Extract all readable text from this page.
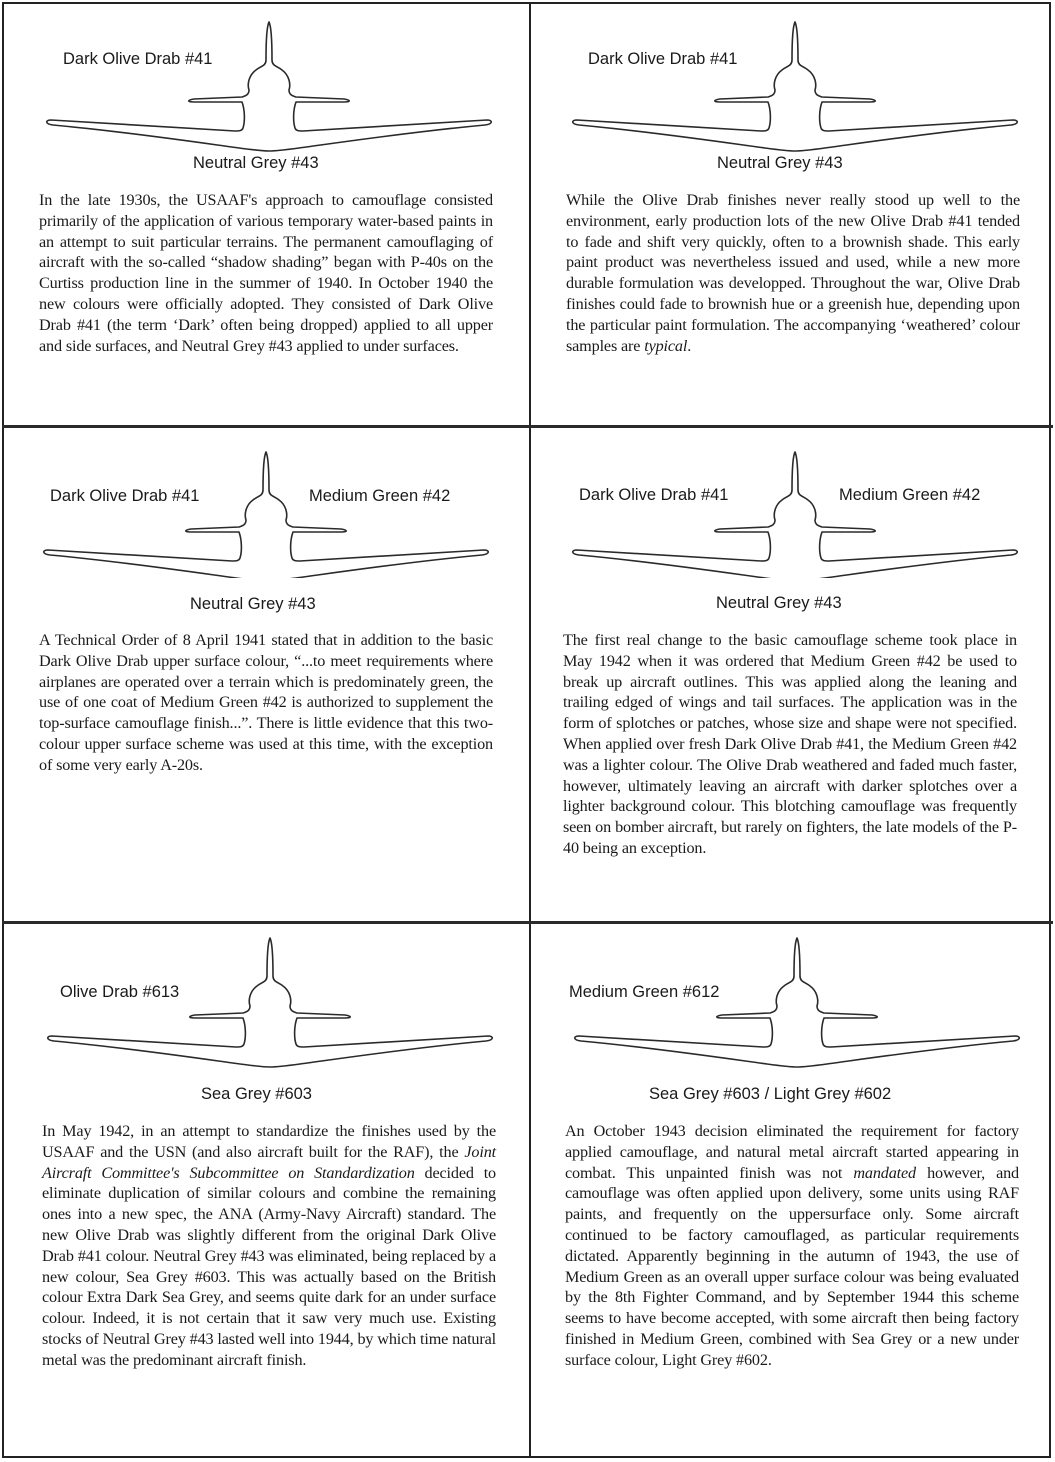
Dark Olive Drab #41
Neutral Grey #43

In the late 1930s, the USAAF's approach to camouflage consisted primarily of the application of various temporary water-based paints in an attempt to suit particular terrains. The permanent camouflaging of aircraft with the so-called “shadow shading” began with P-40s on the Curtiss production line in the summer of 1940. In October 1940 the new colours were officially adopted. They consisted of Dark Olive Drab #41 (the term ‘Dark’ often being dropped) applied to all upper and side surfaces, and Neutral Grey #43 applied to under surfaces.

Dark Olive Drab #41
Neutral Grey #43

While the Olive Drab finishes never really stood up well to the environment, early production lots of the new Olive Drab #41 tended to fade and shift very quickly, often to a brownish shade. This early paint product was nevertheless issued and used, while a new more durable formulation was developped. Throughout the war, Olive Drab finishes could fade to brownish hue or a greenish hue, depending upon the particular paint formulation. The accompanying ‘weathered’ colour samples are typical.

Dark Olive Drab #41	Medium Green #42
Neutral Grey #43

A Technical Order of 8 April 1941 stated that in addition to the basic Dark Olive Drab upper surface colour, “...to meet requirements where airplanes are operated over a terrain which is predominately green, the use of one coat of Medium Green #42 is authorized to supplement the top-surface camouflage finish...”. There is little evidence that this two-colour upper surface scheme was used at this time, with the exception of some very early A-20s.

Dark Olive Drab #41	Medium Green #42
Neutral Grey #43

The first real change to the basic camouflage scheme took place in May 1942 when it was ordered that Medium Green #42 be used to break up aircraft outlines. This was applied along the leaning and trailing edged of wings and tail surfaces. The application was in the form of splotches or patches, whose size and shape were not specified. When applied over fresh Dark Olive Drab #41, the Medium Green #42 was a lighter colour. The Olive Drab weathered and faded much faster, however, ultimately leaving an aircraft with darker splotches over a lighter background colour. This blotching camouflage was frequently seen on bomber aircraft, but rarely on fighters, the late models of the P-40 being an exception.

Olive Drab #613
Sea Grey #603

In May 1942, in an attempt to standardize the finishes used by the USAAF and the USN (and also aircraft built for the RAF), the Joint Aircraft Committee's Subcommittee on Standardization decided to eliminate duplication of similar colours and combine the remaining ones into a new spec, the ANA (Army-Navy Aircraft) standard. The new Olive Drab was slightly different from the original Dark Olive Drab #41 colour. Neutral Grey #43 was eliminated, being replaced by a new colour, Sea Grey #603. This was actually based on the British colour Extra Dark Sea Grey, and seems quite dark for an under surface colour. Indeed, it is not certain that it saw very much use. Existing stocks of Neutral Grey #43 lasted well into 1944, by which time natural metal was the predominant aircraft finish.

Medium Green #612
Sea Grey #603 / Light Grey #602

An October 1943 decision eliminated the requirement for factory applied camouflage, and natural metal aircraft started appearing in combat. This unpainted finish was not mandated however, and camouflage was often applied upon delivery, some units using RAF paints, and frequently on the uppersurface only. Some aircraft continued to be factory camouflaged, as particular requirements dictated. Apparently beginning in the autumn of 1943, the use of Medium Green as an overall upper surface colour was being evaluated by the 8th Fighter Command, and by September 1944 this scheme seems to have become accepted, with some aircraft then being factory finished in Medium Green, combined with Sea Grey or a new under surface colour, Light Grey #602.
